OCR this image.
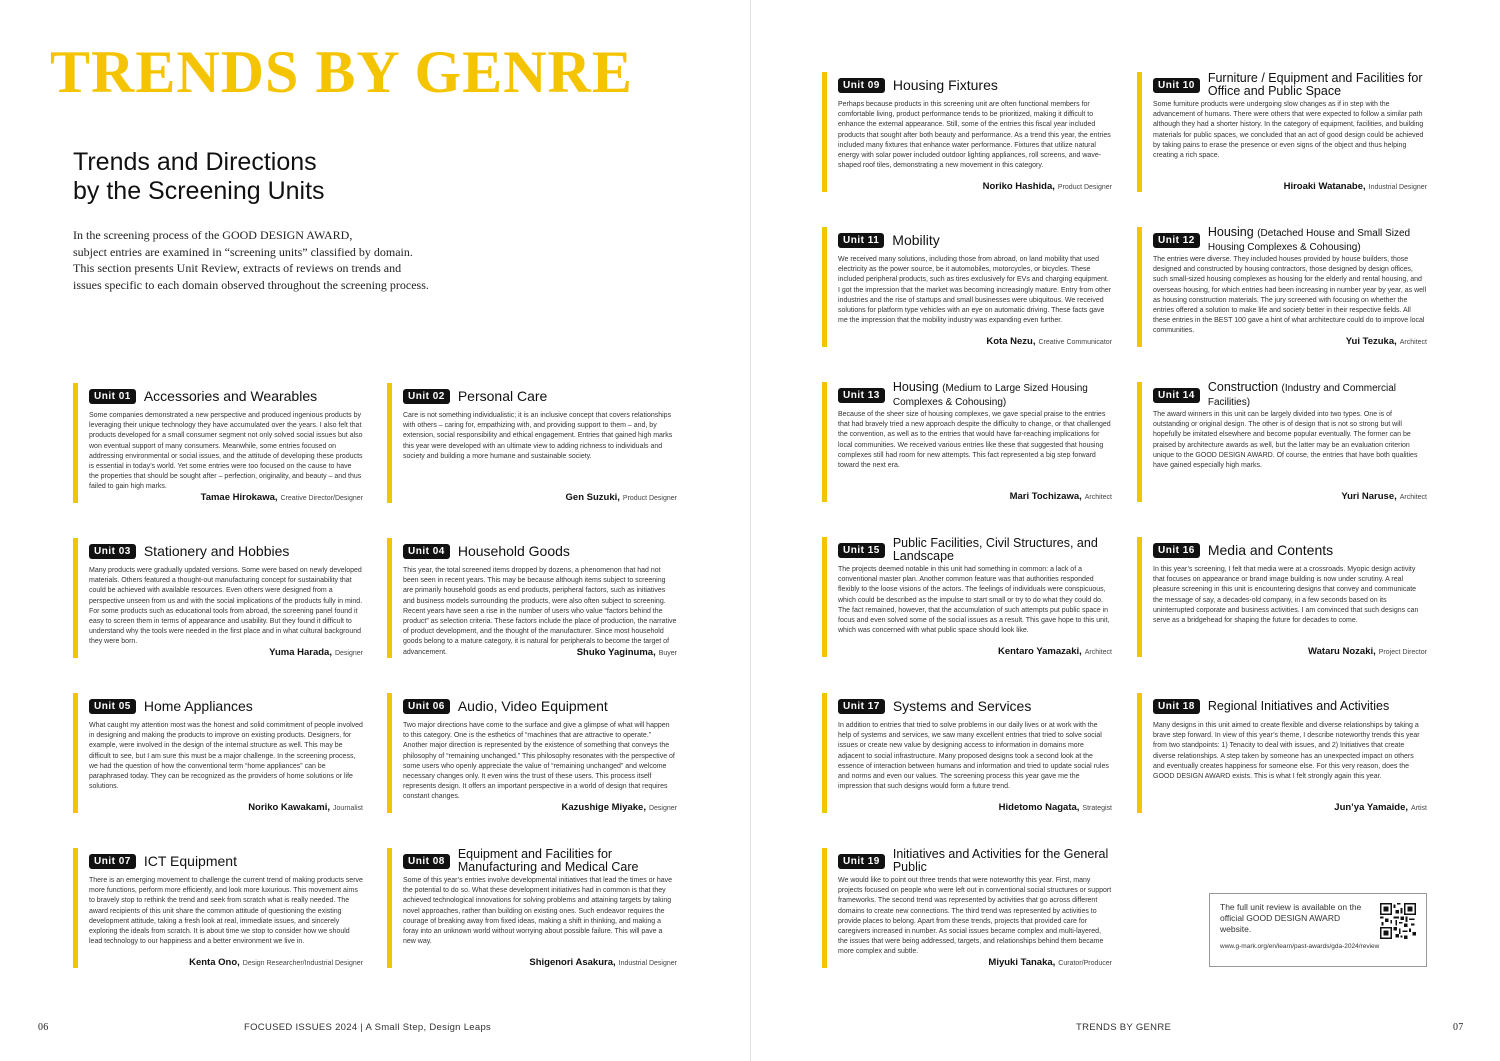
TRENDS BY GENRE
Trends and Directions
by the Screening Units

In the screening process of the GOOD DESIGN AWARD,

subject entries are examined in “screening units” classified by domain.

This section presents Unit Review, extracts of reviews on trends and

issues specific to each domain observed throughout the screening process.

06	FOCUSED ISSUES 2024 | A Small Step, Design Leaps	TRENDS BY GENRE	07
The full unit review is available on the official GOOD DESIGN AWARD website.
www.g-mark.org/en/learn/past-awards/gda-2024/review
Unit 01 Accessories and Wearables
Some companies demonstrated a new perspective and produced ingenious products by leveraging their unique technology they have accumulated over the years. I also felt that products developed for a small consumer segment not only solved social issues but also won eventual support of many consumers. Meanwhile, some entries focused on addressing environmental or social issues, and the attitude of developing these products is essential in today’s world. Yet some entries were too focused on the cause to have the properties that should be sought after – perfection, originality, and beauty – and thus failed to gain high marks.
Tamae Hirokawa, Creative Director/Designer
Unit 02 Personal Care
Care is not something individualistic; it is an inclusive concept that covers relationships with others – caring for, empathizing with, and providing support to them – and, by extension, social responsibility and ethical engagement. Entries that gained high marks this year were developed with an ultimate view to adding richness to individuals and society and building a more humane and sustainable society.
Gen Suzuki, Product Designer
Unit 03 Stationery and Hobbies
Many products were gradually updated versions. Some were based on newly developed materials. Others featured a thought-out manufacturing concept for sustainability that could be achieved with available resources. Even others were designed from a perspective unseen from us and with the social implications of the products fully in mind. For some products such as educational tools from abroad, the screening panel found it easy to screen them in terms of appearance and usability. But they found it difficult to understand why the tools were needed in the first place and in what cultural background they were born.
Yuma Harada, Designer
Unit 04 Household Goods
This year, the total screened items dropped by dozens, a phenomenon that had not been seen in recent years. This may be because although items subject to screening are primarily household goods as end products, peripheral factors, such as initiatives and business models surrounding the products, were also often subject to screening. Recent years have seen a rise in the number of users who value “factors behind the product” as selection criteria. These factors include the place of production, the narrative of product development, and the thought of the manufacturer. Since most household goods belong to a mature category, it is natural for peripherals to become the target of advancement.	Shuko Yaginuma, Buyer
Unit 05 Home Appliances
What caught my attention most was the honest and solid commitment of people involved in designing and making the products to improve on existing products. Designers, for example, were involved in the design of the internal structure as well. This may be difficult to see, but I am sure this must be a major challenge. In the screening process, we had the question of how the conventional term “home appliances” can be paraphrased today. They can be recognized as the providers of home solutions or life solutions.
Noriko Kawakami, Journalist
Unit 06 Audio, Video Equipment
Two major directions have come to the surface and give a glimpse of what will happen to this category. One is the esthetics of “machines that are attractive to operate.” Another major direction is represented by the existence of something that conveys the philosophy of “remaining unchanged.” This philosophy resonates with the perspective of some users who openly appreciate the value of “remaining unchanged” and welcome necessary changes only. It even wins the trust of these users. This process itself represents design. It offers an important perspective in a world of design that requires constant changes.
Kazushige Miyake, Designer
Unit 07 ICT Equipment
There is an emerging movement to challenge the current trend of making products serve more functions, perform more efficiently, and look more luxurious. This movement aims to bravely stop to rethink the trend and seek from scratch what is really needed. The award recipients of this unit share the common attitude of questioning the existing development attitude, taking a fresh look at real, immediate issues, and sincerely exploring the ideals from scratch. It is about time we stop to consider how we should lead technology to our happiness and a better environment we live in.
Kenta Ono, Design Researcher/Industrial Designer
Unit 08	Equipment and Facilities for Manufacturing and Medical Care
Some of this year’s entries involve developmental initiatives that lead the times or have the potential to do so. What these development initiatives had in common is that they achieved technological innovations for solving problems and attaining targets by taking novel approaches, rather than building on existing ones. Such endeavor requires the courage of breaking away from fixed ideas, making a shift in thinking, and making a foray into an unknown world without worrying about possible failure. This will pave a new way.
Shigenori Asakura, Industrial Designer
Unit 09 Housing Fixtures
Perhaps because products in this screening unit are often functional members for comfortable living, product performance tends to be prioritized, making it difficult to enhance the external appearance. Still, some of the entries this fiscal year included products that sought after both beauty and performance. As a trend this year, the entries included many fixtures that enhance water performance. Fixtures that utilize natural energy with solar power included outdoor lighting appliances, roll screens, and wave-shaped roof tiles, demonstrating a new movement in this category.
Noriko Hashida, Product Designer
Unit 10	Furniture / Equipment and Facilities for Office and Public Space
Some furniture products were undergoing slow changes as if in step with the advancement of humans. There were others that were expected to follow a similar path although they had a shorter history. In the category of equipment, facilities, and building materials for public spaces, we concluded that an act of good design could be achieved by taking pains to erase the presence or even signs of the object and thus helping creating a rich space.
Hiroaki Watanabe, Industrial Designer
Unit 11 Mobility
We received many solutions, including those from abroad, on land mobility that used electricity as the power source, be it automobiles, motorcycles, or bicycles. These included peripheral products, such as tires exclusively for EVs and charging equipment. I got the impression that the market was becoming increasingly mature. Entry from other industries and the rise of startups and small businesses were ubiquitous. We received solutions for platform type vehicles with an eye on automatic driving. These facts gave me the impression that the mobility industry was expanding even further.
Kota Nezu, Creative Communicator
Unit 12
Housing (Detached House and Small Sized Housing Complexes & Cohousing)
The entries were diverse. They included houses provided by house builders, those designed and constructed by housing contractors, those designed by design offices, such small-sized housing complexes as housing for the elderly and rental housing, and overseas housing, for which entries had been increasing in number year by year, as well as housing construction materials. The jury screened with focusing on whether the entries offered a solution to make life and society better in their respective fields. All these entries in the BEST 100 gave a hint of what architecture could do to improve local communities.
Yui Tezuka, Architect
Unit 13
Housing (Medium to Large Sized Housing Complexes & Cohousing)
Because of the sheer size of housing complexes, we gave special praise to the entries that had bravely tried a new approach despite the difficulty to change, or that challenged the convention, as well as to the entries that would have far-reaching implications for local communities. We received various entries like these that suggested that housing complexes still had room for new attempts. This fact represented a big step forward toward the next era.
Mari Tochizawa, Architect
Unit 14
Construction (Industry and Commercial Facilities)
The award winners in this unit can be largely divided into two types. One is of outstanding or original design. The other is of design that is not so strong but will hopefully be imitated elsewhere and become popular eventually. The former can be praised by architecture awards as well, but the latter may be an evaluation criterion unique to the GOOD DESIGN AWARD. Of course, the entries that have both qualities have gained especially high marks.
Yuri Naruse, Architect
Unit 15	Public Facilities, Civil Structures, and Landscape
The projects deemed notable in this unit had something in common: a lack of a conventional master plan. Another common feature was that authorities responded flexibly to the loose visions of the actors. The feelings of individuals were conspicuous, which could be described as the impulse to start small or try to do what they could do. The fact remained, however, that the accumulation of such attempts put public space in focus and even solved some of the social issues as a result. This gave hope to this unit, which was concerned with what public space should look like.
Kentaro Yamazaki, Architect
Unit 16 Media and Contents
In this year’s screening, I felt that media were at a crossroads. Myopic design activity that focuses on appearance or brand image building is now under scrutiny. A real pleasure screening in this unit is encountering designs that convey and communicate the message of say, a decades-old company, in a few seconds based on its uninterrupted corporate and business activities. I am convinced that such designs can serve as a bridgehead for shaping the future for decades to come.
Wataru Nozaki, Project Director
Unit 17 Systems and Services
In addition to entries that tried to solve problems in our daily lives or at work with the help of systems and services, we saw many excellent entries that tried to solve social issues or create new value by designing access to information in domains more adjacent to social infrastructure. Many proposed designs took a second look at the essence of interaction between humans and information and tried to update social rules and norms and even our values. The screening process this year gave me the impression that such designs would form a future trend.
Hidetomo Nagata, Strategist
Unit 18	Regional Initiatives and Activities
Many designs in this unit aimed to create flexible and diverse relationships by taking a brave step forward. In view of this year’s theme, I describe noteworthy trends this year from two standpoints: 1) Tenacity to deal with issues, and 2) Initiatives that create diverse relationships. A step taken by someone has an unexpected impact on others and eventually creates happiness for someone else. For this very reason, does the GOOD DESIGN AWARD exists. This is what I felt strongly again this year.
Jun’ya Yamaide, Artist
Unit 19	Initiatives and Activities for the General Public
We would like to point out three trends that were noteworthy this year. First, many projects focused on people who were left out in conventional social structures or support frameworks. The second trend was represented by activities that go across different domains to create new connections. The third trend was represented by activities to provide places to belong. Apart from these trends, projects that provided care for caregivers increased in number. As social issues became complex and multi-layered, the issues that were being addressed, targets, and relationships behind them became more complex and subtle.
Miyuki Tanaka, Curator/Producer
